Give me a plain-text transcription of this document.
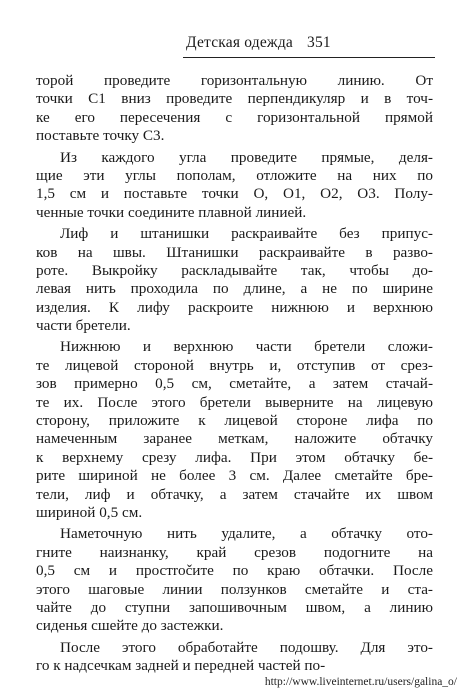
Детская одежда 351
торой проведите горизонтальную линию. От
точки С1 вниз проведите перпендикуляр и в точ-
ке его пересечения с горизонтальной прямой
поставьте точку С3.
Из каждого угла проведите прямые, деля-
щие эти углы пополам, отложите на них по
1,5 см и поставьте точки О, О1, О2, О3. Полу-
ченные точки соедините плавной линией.
Лиф и штанишки раскраивайте без припус-
ков на швы. Штанишки раскраивайте в разво-
роте. Выкройку раскладывайте так, чтобы до-
левая нить проходила по длине, а не по ширине
изделия. К лифу раскроите нижнюю и верхнюю
части бретели.
Нижнюю и верхнюю части бретели сложи-
те лицевой стороной внутрь и, отступив от срез-
зов примерно 0,5 см, сметайте, а затем стачай-
те их. После этого бретели выверните на лицевую
сторону, приложите к лицевой стороне лифа по
намеченным заранее меткам, наложите обтачку
к верхнему срезу лифа. При этом обтачку бе-
рите шириной не более 3 см. Далее сметайте бре-
тели, лиф и обтачку, а затем стачайте их швом
шириной 0,5 см.
Наметочную нить удалите, а обтачку ото-
гните наизнанку, край срезов подогните на
0,5 см и простročите по краю обтачки. После
этого шаговые линии ползунков сметайте и ста-
чайте до ступни запошивочным швом, а линию
сиденья сшейте до застежки.
После этого обработайте подошву. Для это-
го к надсечкам задней и передней частей по-
http://www.liveinternet.ru/users/galina_o/
